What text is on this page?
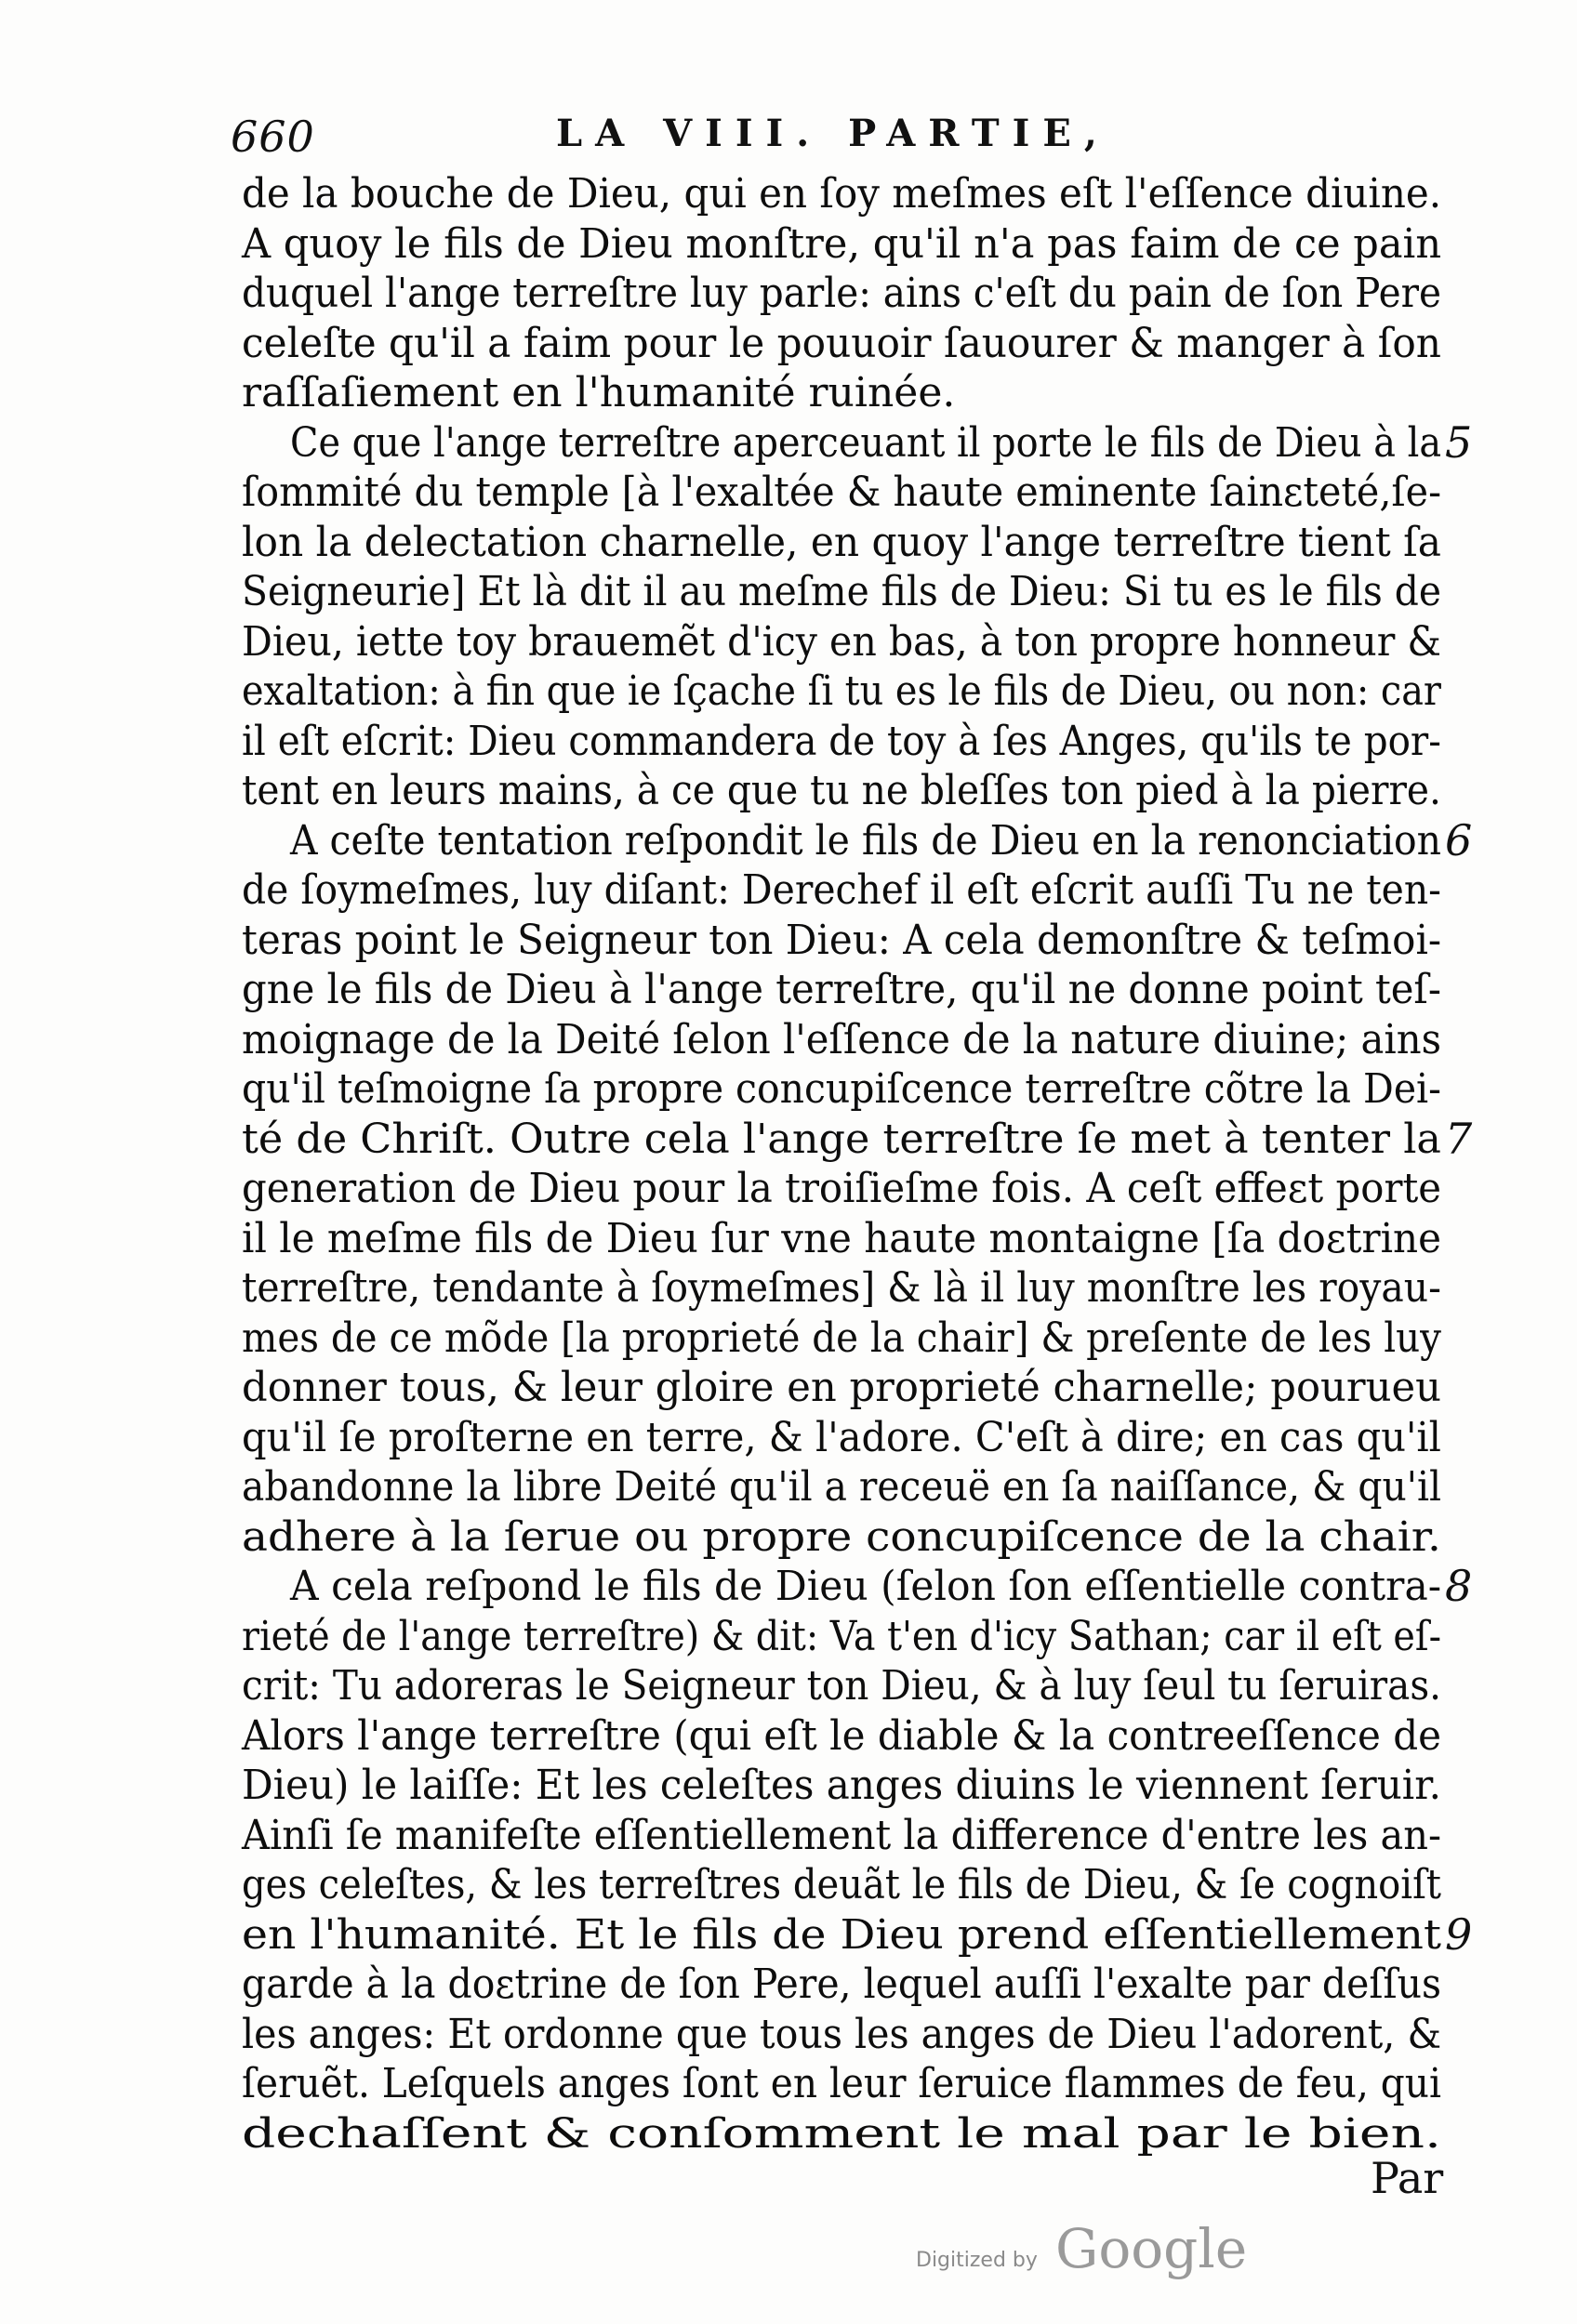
660	LA VIII. PARTIE,
de la bouche de Dieu, qui en ſoy meſmes eſt l'eſſence diuine.
A quoy le fils de Dieu monſtre, qu'il n'a pas faim de ce pain
duquel l'ange terreſtre luy parle: ains c'eſt du pain de ſon Pere
celeſte qu'il a faim pour le pouuoir ſauourer & manger à ſon
raſſaſiement en l'humanité ruinée.
Ce que l'ange terreſtre aperceuant il porte le fils de Dieu à la 5
ſommité du temple [à l'exaltée & haute eminente ſainɛteté,ſe-
lon la delectation charnelle, en quoy l'ange terreſtre tient ſa
Seigneurie] Et là dit il au meſme fils de Dieu: Si tu es le fils de
Dieu, iette toy brauemẽt d'icy en bas, à ton propre honneur &
exaltation: à fin que ie ſçache ſi tu es le fils de Dieu, ou non: car
il eſt eſcrit: Dieu commandera de toy à ſes Anges, qu'ils te por-
tent en leurs mains, à ce que tu ne bleſſes ton pied à la pierre.
A ceſte tentation reſpondit le fils de Dieu en la renonciation 6
de ſoymeſmes, luy diſant: Derechef il eſt eſcrit auſſi Tu ne ten-
teras point le Seigneur ton Dieu: A cela demonſtre & teſmoi-
gne le fils de Dieu à l'ange terreſtre, qu'il ne donne point teſ-
moignage de la Deité ſelon l'eſſence de la nature diuine; ains
qu'il teſmoigne ſa propre concupiſcence terreſtre cõtre la Dei-
té de Chriſt. Outre cela l'ange terreſtre ſe met à tenter la 7
generation de Dieu pour la troiſieſme fois. A ceſt effeɛt porte
il le meſme fils de Dieu ſur vne haute montaigne [ſa doɛtrine
terreſtre, tendante à ſoymeſmes] & là il luy monſtre les royau-
mes de ce mõde [la proprieté de la chair] & preſente de les luy
donner tous, & leur gloire en proprieté charnelle; pourueu
qu'il ſe proſterne en terre, & l'adore. C'eſt à dire; en cas qu'il
abandonne la libre Deité qu'il a receuë en ſa naiſſance, & qu'il
adhere à la ſerue ou propre concupiſcence de la chair.
A cela reſpond le fils de Dieu (ſelon ſon eſſentielle contra- 8
rieté de l'ange terreſtre) & dit: Va t'en d'icy Sathan; car il eſt eſ-
crit: Tu adoreras le Seigneur ton Dieu, & à luy ſeul tu ſeruiras.
Alors l'ange terreſtre (qui eſt le diable & la contreeſſence de
Dieu) le laiſſe: Et les celeſtes anges diuins le viennent ſeruir.
Ainſi ſe manifeſte eſſentiellement la difference d'entre les an-
ges celeſtes, & les terreſtres deuãt le fils de Dieu, & ſe cognoiſt
en l'humanité. Et le fils de Dieu prend eſſentiellement 9
garde à la doɛtrine de ſon Pere, lequel auſſi l'exalte par deſſus
les anges: Et ordonne que tous les anges de Dieu l'adorent, &
ſeruẽt. Leſquels anges ſont en leur ſeruice flammes de feu, qui
dechaſſent & conſomment le mal par le bien.
Par
Digitized by Google
